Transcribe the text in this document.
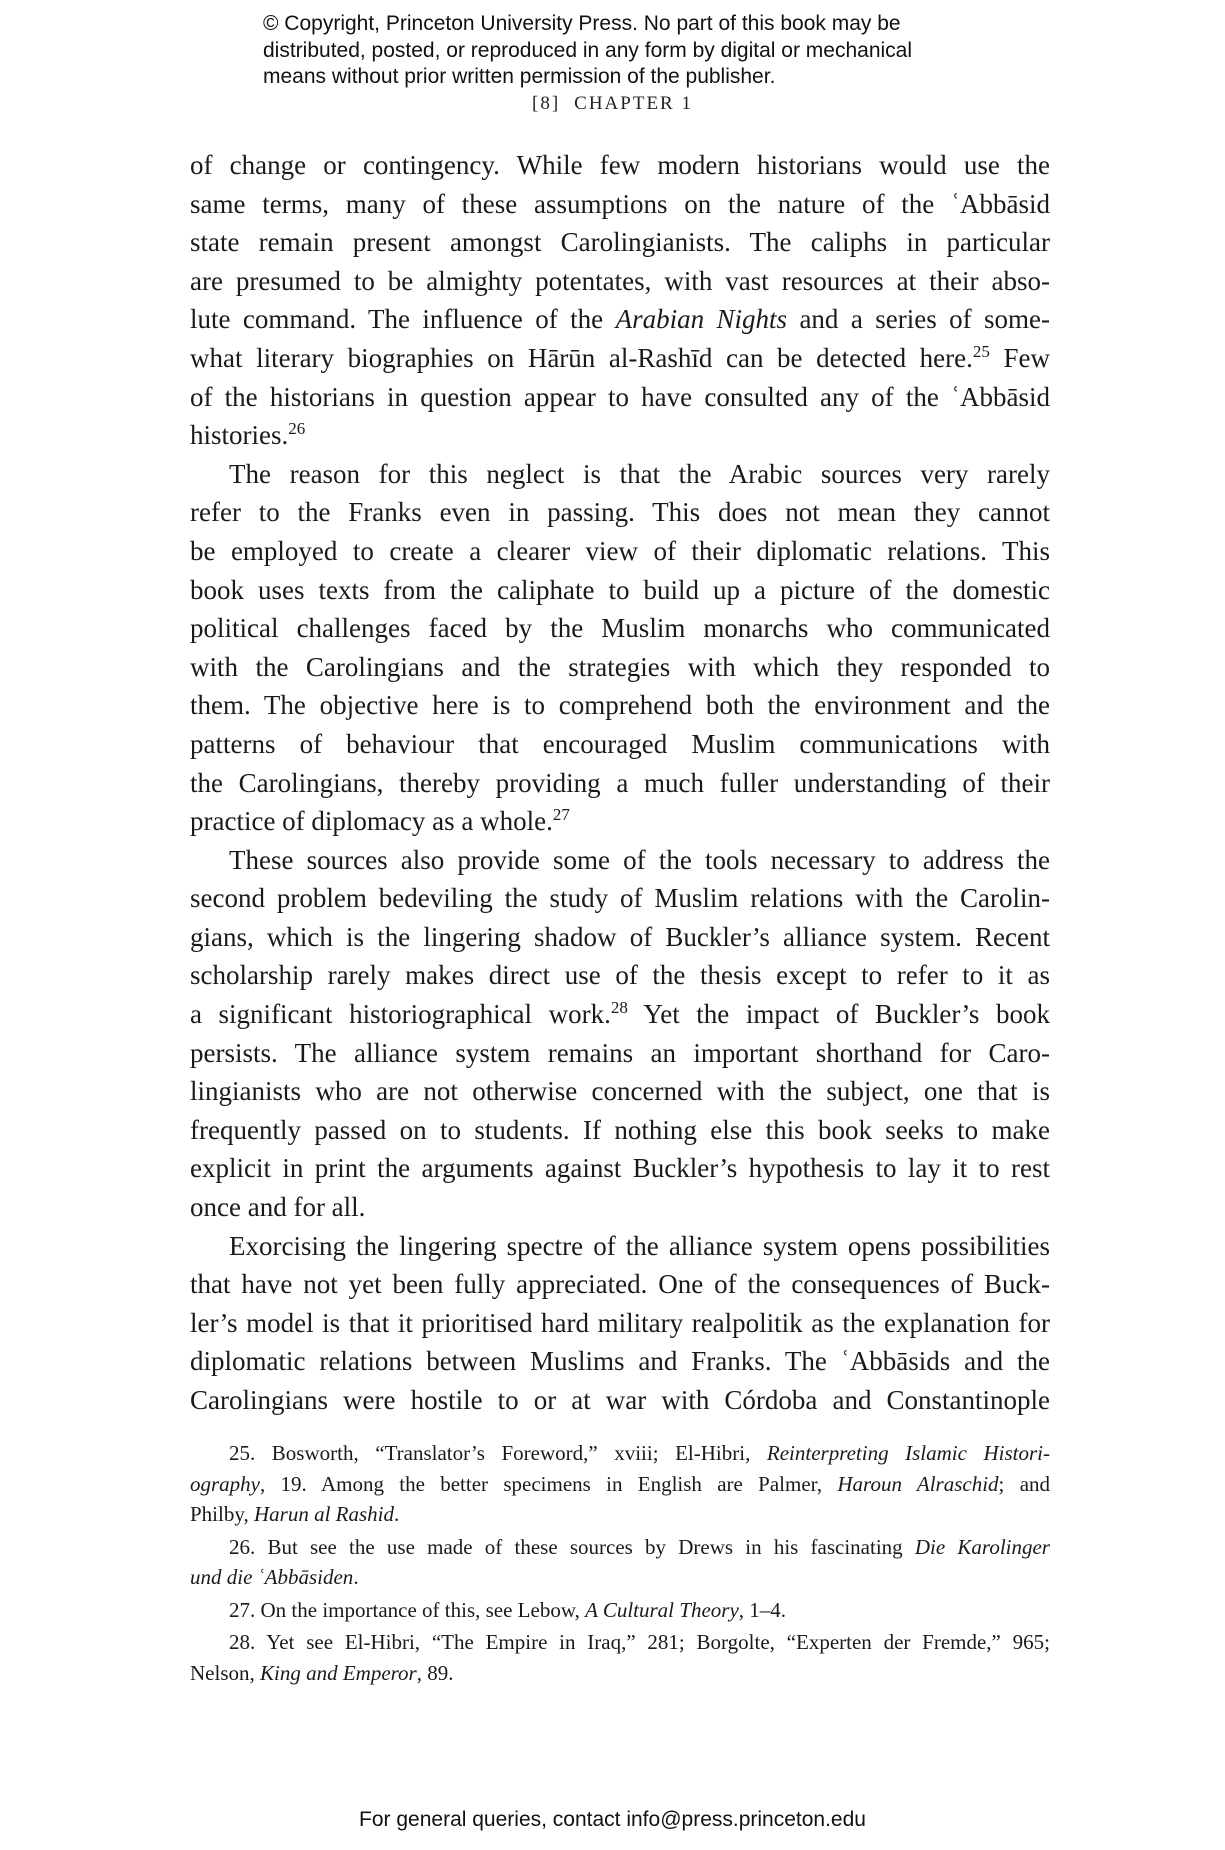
© Copyright, Princeton University Press. No part of this book may be
distributed, posted, or reproduced in any form by digital or mechanical
means without prior written permission of the publisher.
[8] CHAPTER 1

of change or contingency. While few modern historians would use the
same terms, many of these assumptions on the nature of the ʿAbbāsid
state remain present amongst Carolingianists. The caliphs in particular
are presumed to be almighty potentates, with vast resources at their abso-
lute command. The influence of the Arabian Nights and a series of some-
what literary biographies on Hārūn al-Rashīd can be detected here.$^{25}$ Few
of the historians in question appear to have consulted any of the ʿAbbāsid
histories.$^{26}$

The reason for this neglect is that the Arabic sources very rarely
refer to the Franks even in passing. This does not mean they cannot
be employed to create a clearer view of their diplomatic relations. This
book uses texts from the caliphate to build up a picture of the domestic
political challenges faced by the Muslim monarchs who communicated
with the Carolingians and the strategies with which they responded to
them. The objective here is to comprehend both the environment and the
patterns of behaviour that encouraged Muslim communications with
the Carolingians, thereby providing a much fuller understanding of their
practice of diplomacy as a whole.$^{27}$

These sources also provide some of the tools necessary to address the
second problem bedeviling the study of Muslim relations with the Carolin-
gians, which is the lingering shadow of Buckler’s alliance system. Recent
scholarship rarely makes direct use of the thesis except to refer to it as
a significant historiographical work.$^{28}$ Yet the impact of Buckler’s book
persists. The alliance system remains an important shorthand for Caro-
lingianists who are not otherwise concerned with the subject, one that is
frequently passed on to students. If nothing else this book seeks to make
explicit in print the arguments against Buckler’s hypothesis to lay it to rest
once and for all.

Exorcising the lingering spectre of the alliance system opens possibilities
that have not yet been fully appreciated. One of the consequences of Buck-
ler’s model is that it prioritised hard military realpolitik as the explanation for
diplomatic relations between Muslims and Franks. The ʿAbbāsids and the
Carolingians were hostile to or at war with Córdoba and Constantinople

25. Bosworth, “Translator’s Foreword,” xviii; El-Hibri, Reinterpreting Islamic Histori-
ography, 19. Among the better specimens in English are Palmer, Haroun Alraschid; and
Philby, Harun al Rashid.
26. But see the use made of these sources by Drews in his fascinating Die Karolinger
und die ʿAbbāsiden.
27. On the importance of this, see Lebow, A Cultural Theory, 1–4.
28. Yet see El-Hibri, “The Empire in Iraq,” 281; Borgolte, “Experten der Fremde,” 965;
Nelson, King and Emperor, 89.
For general queries, contact info@press.princeton.edu
